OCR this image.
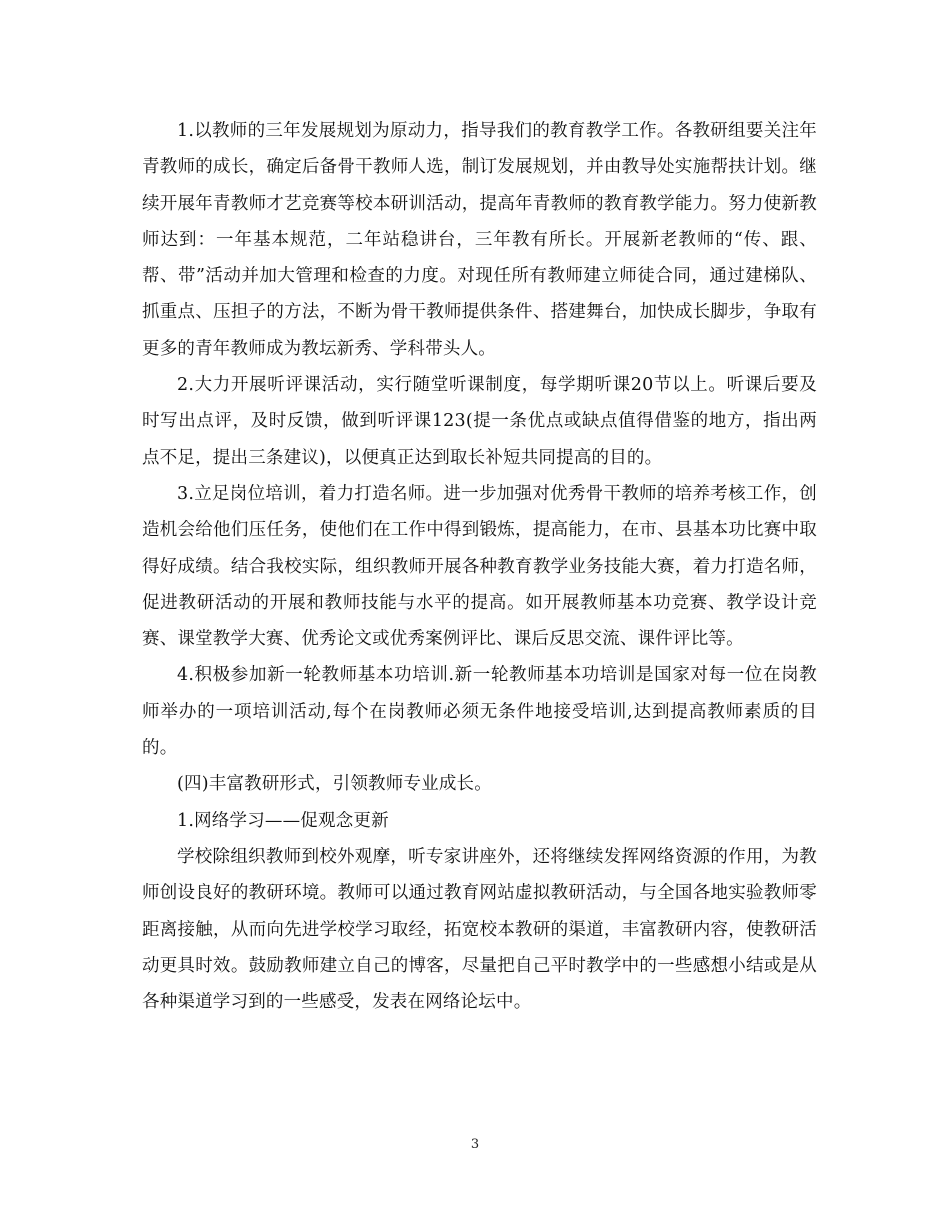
1.以教师的三年发展规划为原动力，指导我们的教育教学工作。各教研组要关注年青教师的成长，确定后备骨干教师人选，制订发展规划，并由教导处实施帮扶计划。继续开展年青教师才艺竞赛等校本研训活动，提高年青教师的教育教学能力。努力使新教师达到：一年基本规范，二年站稳讲台，三年教有所长。开展新老教师的“传、跟、帮、带”活动并加大管理和检查的力度。对现任所有教师建立师徒合同，通过建梯队、抓重点、压担子的方法，不断为骨干教师提供条件、搭建舞台，加快成长脚步，争取有更多的青年教师成为教坛新秀、学科带头人。

2.大力开展听评课活动，实行随堂听课制度，每学期听课20节以上。听课后要及时写出点评，及时反馈，做到听评课123(提一条优点或缺点值得借鉴的地方，指出两点不足，提出三条建议)，以便真正达到取长补短共同提高的目的。

3.立足岗位培训，着力打造名师。进一步加强对优秀骨干教师的培养考核工作，创造机会给他们压任务，使他们在工作中得到锻炼，提高能力，在市、县基本功比赛中取得好成绩。结合我校实际，组织教师开展各种教育教学业务技能大赛，着力打造名师，促进教研活动的开展和教师技能与水平的提高。如开展教师基本功竞赛、教学设计竞赛、课堂教学大赛、优秀论文或优秀案例评比、课后反思交流、课件评比等。

4.积极参加新一轮教师基本功培训.新一轮教师基本功培训是国家对每一位在岗教师举办的一项培训活动,每个在岗教师必须无条件地接受培训,达到提高教师素质的目的。

(四)丰富教研形式，引领教师专业成长。

1.网络学习——促观念更新

学校除组织教师到校外观摩，听专家讲座外，还将继续发挥网络资源的作用，为教师创设良好的教研环境。教师可以通过教育网站虚拟教研活动，与全国各地实验教师零距离接触，从而向先进学校学习取经，拓宽校本教研的渠道，丰富教研内容，使教研活动更具时效。鼓励教师建立自己的博客，尽量把自己平时教学中的一些感想小结或是从各种渠道学习到的一些感受，发表在网络论坛中。

3
